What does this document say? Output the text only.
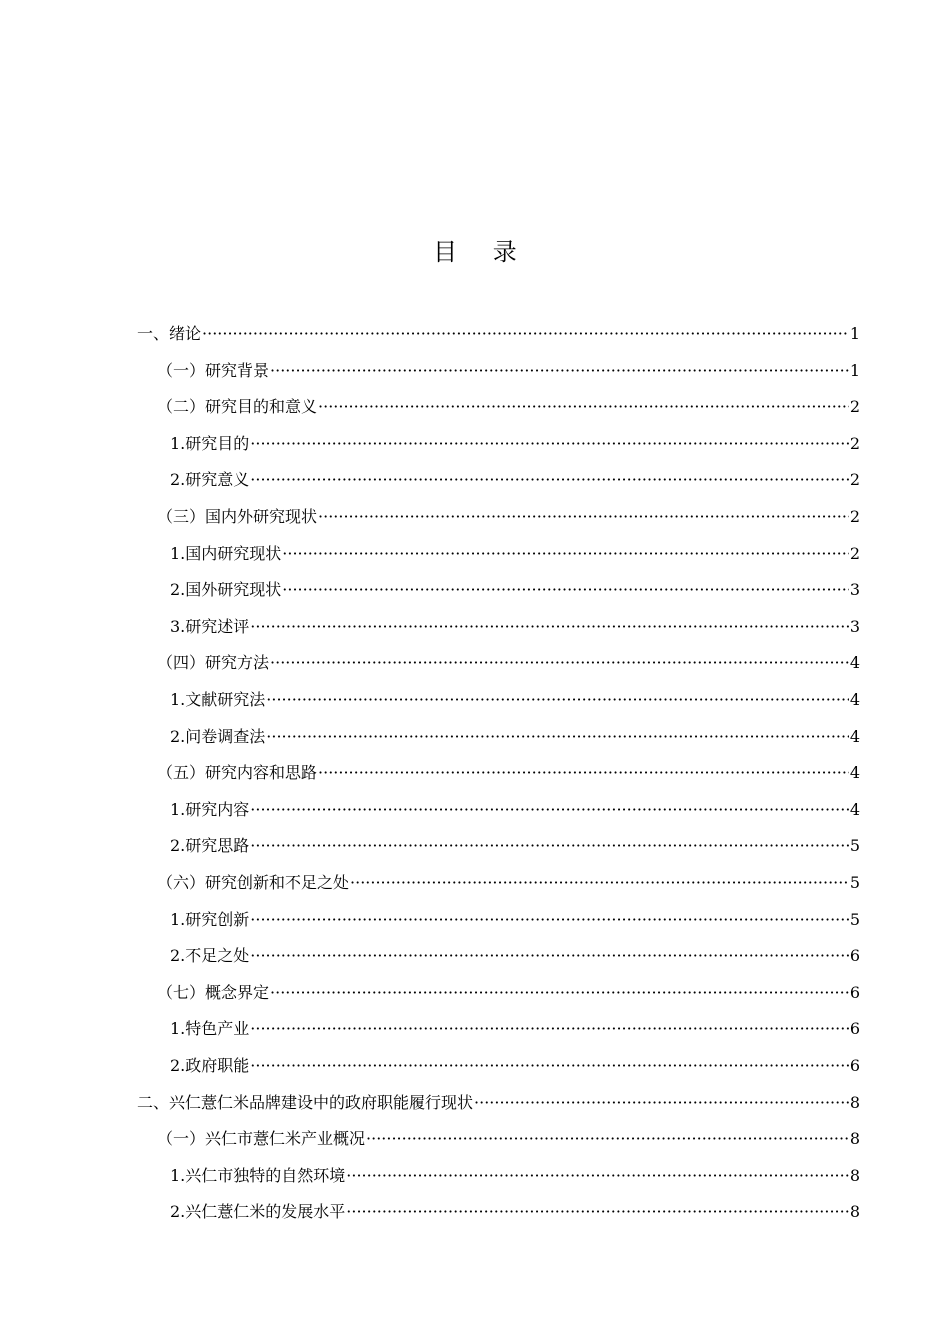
目 录
一、绪论 ·····	1
（一）研究背景 ·····	1
（二）研究目的和意义 ·····	2
1.研究目的 ·····	2
2.研究意义 ·····	2
（三）国内外研究现状 ·····	2
1.国内研究现状 ·····	2
2.国外研究现状 ·····	3
3.研究述评 ·····	3
（四）研究方法 ·····	4
1.文献研究法 ·····	4
2.问卷调查法 ·····	4
（五）研究内容和思路 ·····	4
1.研究内容 ·····	4
2.研究思路 ·····	5
（六）研究创新和不足之处 ·····	5
1.研究创新 ·····	5
2.不足之处 ·····	6
（七）概念界定 ·····	6
1.特色产业 ·····	6
2.政府职能 ·····	6
二、兴仁薏仁米品牌建设中的政府职能履行现状 ·····	8
（一）兴仁市薏仁米产业概况 ·····	8
1.兴仁市独特的自然环境 ·····	8
2.兴仁薏仁米的发展水平 ·····	8
